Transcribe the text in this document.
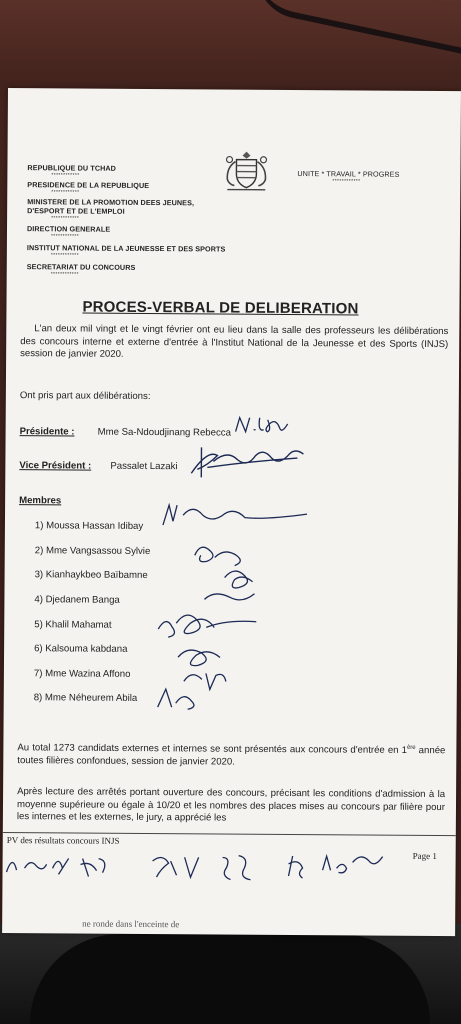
REPUBLIQUE DU TCHAD
************
PRESIDENCE DE LA REPUBLIQUE
************
MINISTERE DE LA PROMOTION DEES JEUNES,
D'ESPORT ET DE L'EMPLOI
************
DIRECTION GENERALE
************
INSTITUT NATIONAL DE LA JEUNESSE ET DES SPORTS
************
SECRETARIAT DU CONCOURS
************
UNITE * TRAVAIL * PROGRES
************
PROCES-VERBAL DE DELIBERATION
L'an deux mil vingt et le vingt février ont eu lieu dans la salle des professeurs les délibérations des concours interne et externe d'entrée à l'Institut National de la Jeunesse et des Sports (INJS) session de janvier 2020.
Ont pris part aux délibérations:
Présidente : Mme Sa-Ndoudjinang Rebecca
Vice Président : Passalet Lazaki
Membres
1) Moussa Hassan Idibay
2) Mme Vangsassou Sylvie
3) Kianhaykbeo Baïbamne
4) Djedanem Banga
5) Khalil Mahamat
6) Kalsouma kabdana
7) Mme Wazina Affono
8) Mme Néheurem Abila
Au total 1273 candidats externes et internes se sont présentés aux concours d'entrée en 1ère année toutes filières confondues, session de janvier 2020.
Après lecture des arrêtés portant ouverture des concours, précisant les conditions d'admission à la moyenne supérieure ou égale à 10/20 et les nombres des places mises au concours par filière pour les internes et les externes, le jury, a apprécié les
PV des résultats concours INJS
Page 1
ne ronde dans l'enceinte de
